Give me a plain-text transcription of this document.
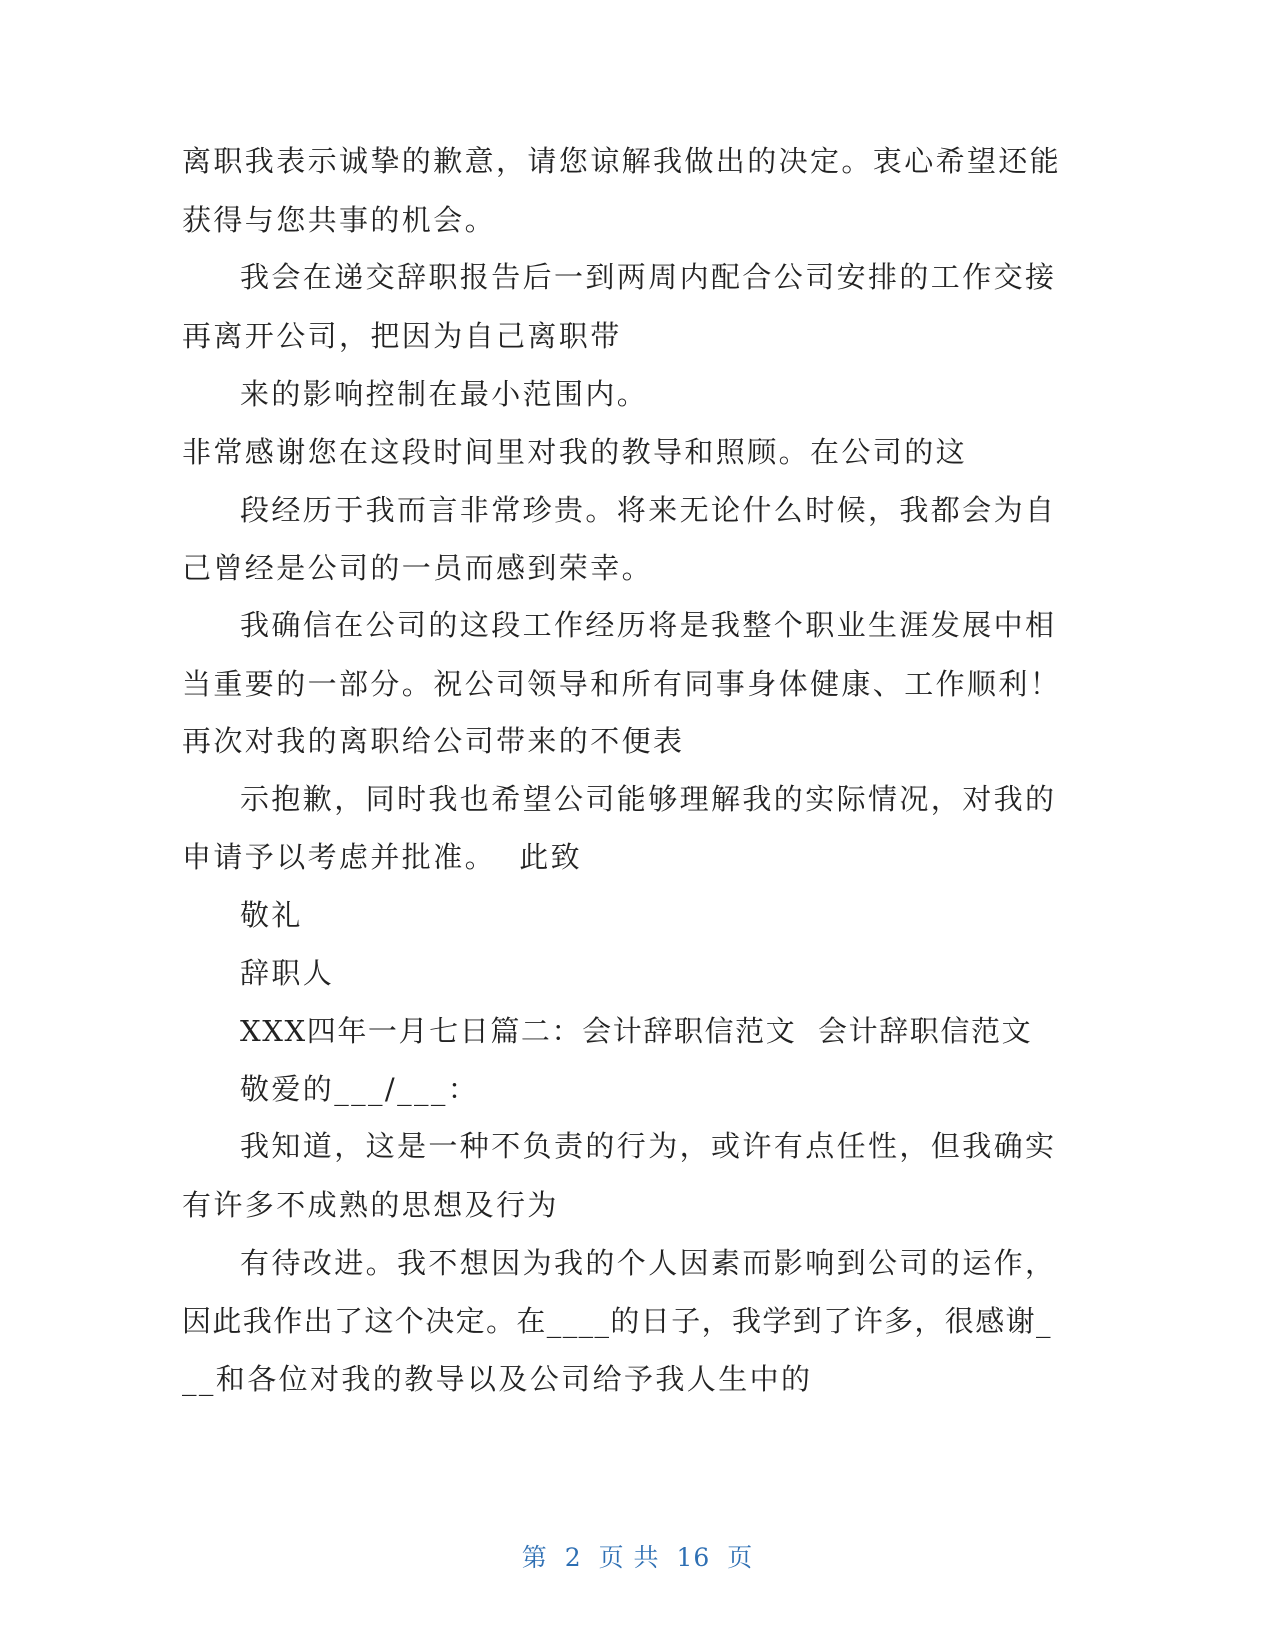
离职我表示诚挚的歉意，请您谅解我做出的决定。衷心希望还能
获得与您共事的机会。
我会在递交辞职报告后一到两周内配合公司安排的工作交接
再离开公司，把因为自己离职带
来的影响控制在最小范围内。
非常感谢您在这段时间里对我的教导和照顾。在公司的这
段经历于我而言非常珍贵。将来无论什么时候，我都会为自
己曾经是公司的一员而感到荣幸。
我确信在公司的这段工作经历将是我整个职业生涯发展中相
当重要的一部分。祝公司领导和所有同事身体健康、工作顺利！
再次对我的离职给公司带来的不便表
示抱歉，同时我也希望公司能够理解我的实际情况，对我的
申请予以考虑并批准。  此致
敬礼
辞职人
XXX四年一月七日篇二：会计辞职信范文  会计辞职信范文
敬爱的___/___：
我知道，这是一种不负责的行为，或许有点任性，但我确实
有许多不成熟的思想及行为
有待改进。我不想因为我的个人因素而影响到公司的运作，
因此我作出了这个决定。在____的日子，我学到了许多，很感谢_
__和各位对我的教导以及公司给予我人生中的
第 2 页 共 16 页
